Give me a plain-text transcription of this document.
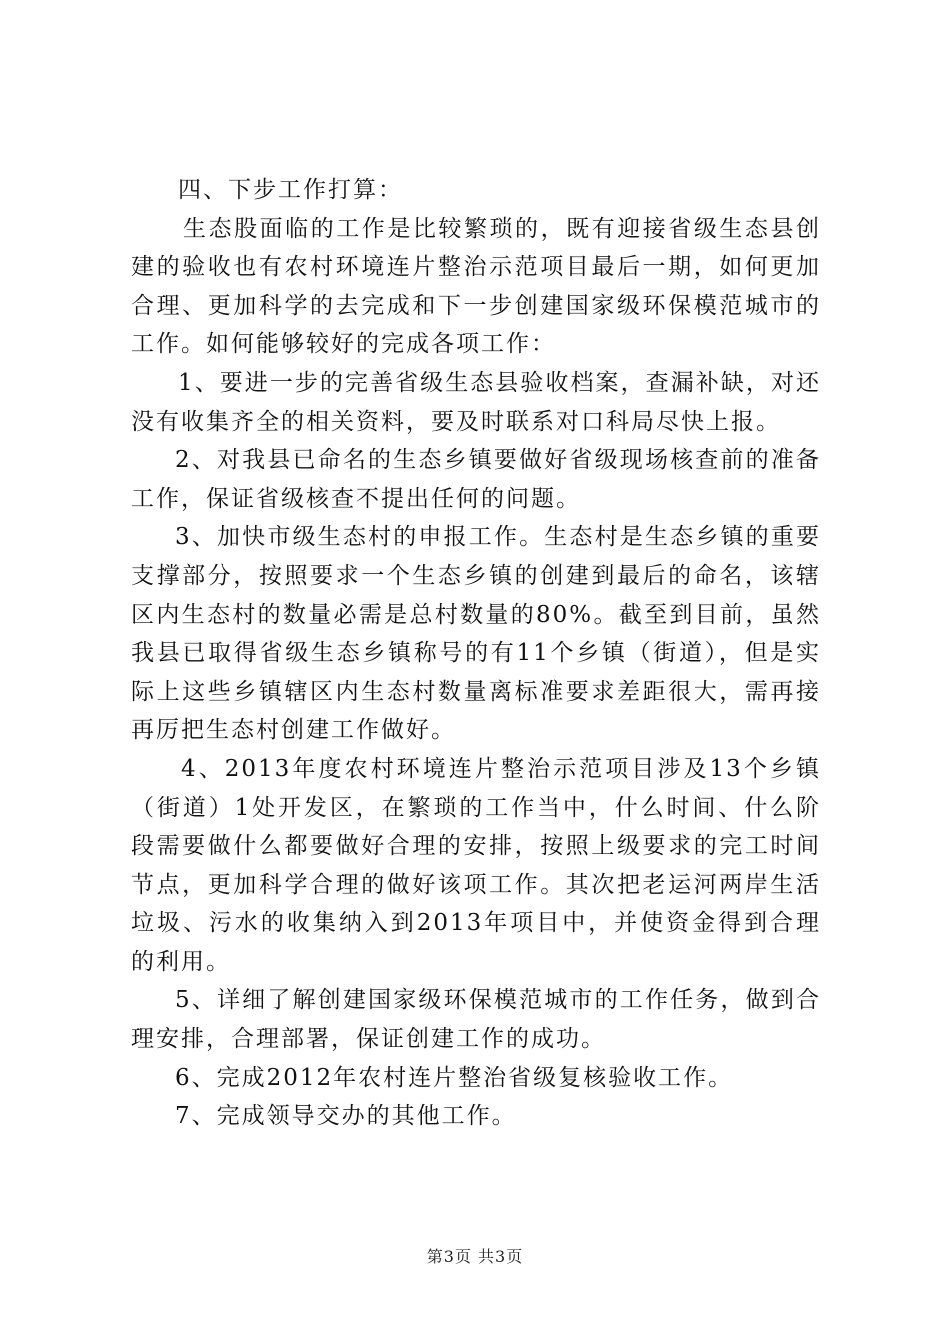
四、下步工作打算：

生态股面临的工作是比较繁琐的，既有迎接省级生态县创建的验收也有农村环境连片整治示范项目最后一期，如何更加合理、更加科学的去完成和下一步创建国家级环保模范城市的工作。如何能够较好的完成各项工作：

1、要进一步的完善省级生态县验收档案，查漏补缺，对还没有收集齐全的相关资料，要及时联系对口科局尽快上报。

2、对我县已命名的生态乡镇要做好省级现场核查前的准备工作，保证省级核查不提出任何的问题。

3、加快市级生态村的申报工作。生态村是生态乡镇的重要支撑部分，按照要求一个生态乡镇的创建到最后的命名，该辖区内生态村的数量必需是总村数量的80%。截至到目前，虽然我县已取得省级生态乡镇称号的有11个乡镇（街道），但是实际上这些乡镇辖区内生态村数量离标准要求差距很大，需再接再厉把生态村创建工作做好。

4、2013年度农村环境连片整治示范项目涉及13个乡镇（街道）1处开发区，在繁琐的工作当中，什么时间、什么阶段需要做什么都要做好合理的安排，按照上级要求的完工时间节点，更加科学合理的做好该项工作。其次把老运河两岸生活垃圾、污水的收集纳入到2013年项目中，并使资金得到合理的利用。

5、详细了解创建国家级环保模范城市的工作任务，做到合理安排，合理部署，保证创建工作的成功。

6、完成2012年农村连片整治省级复核验收工作。

7、完成领导交办的其他工作。

第3页 共3页
